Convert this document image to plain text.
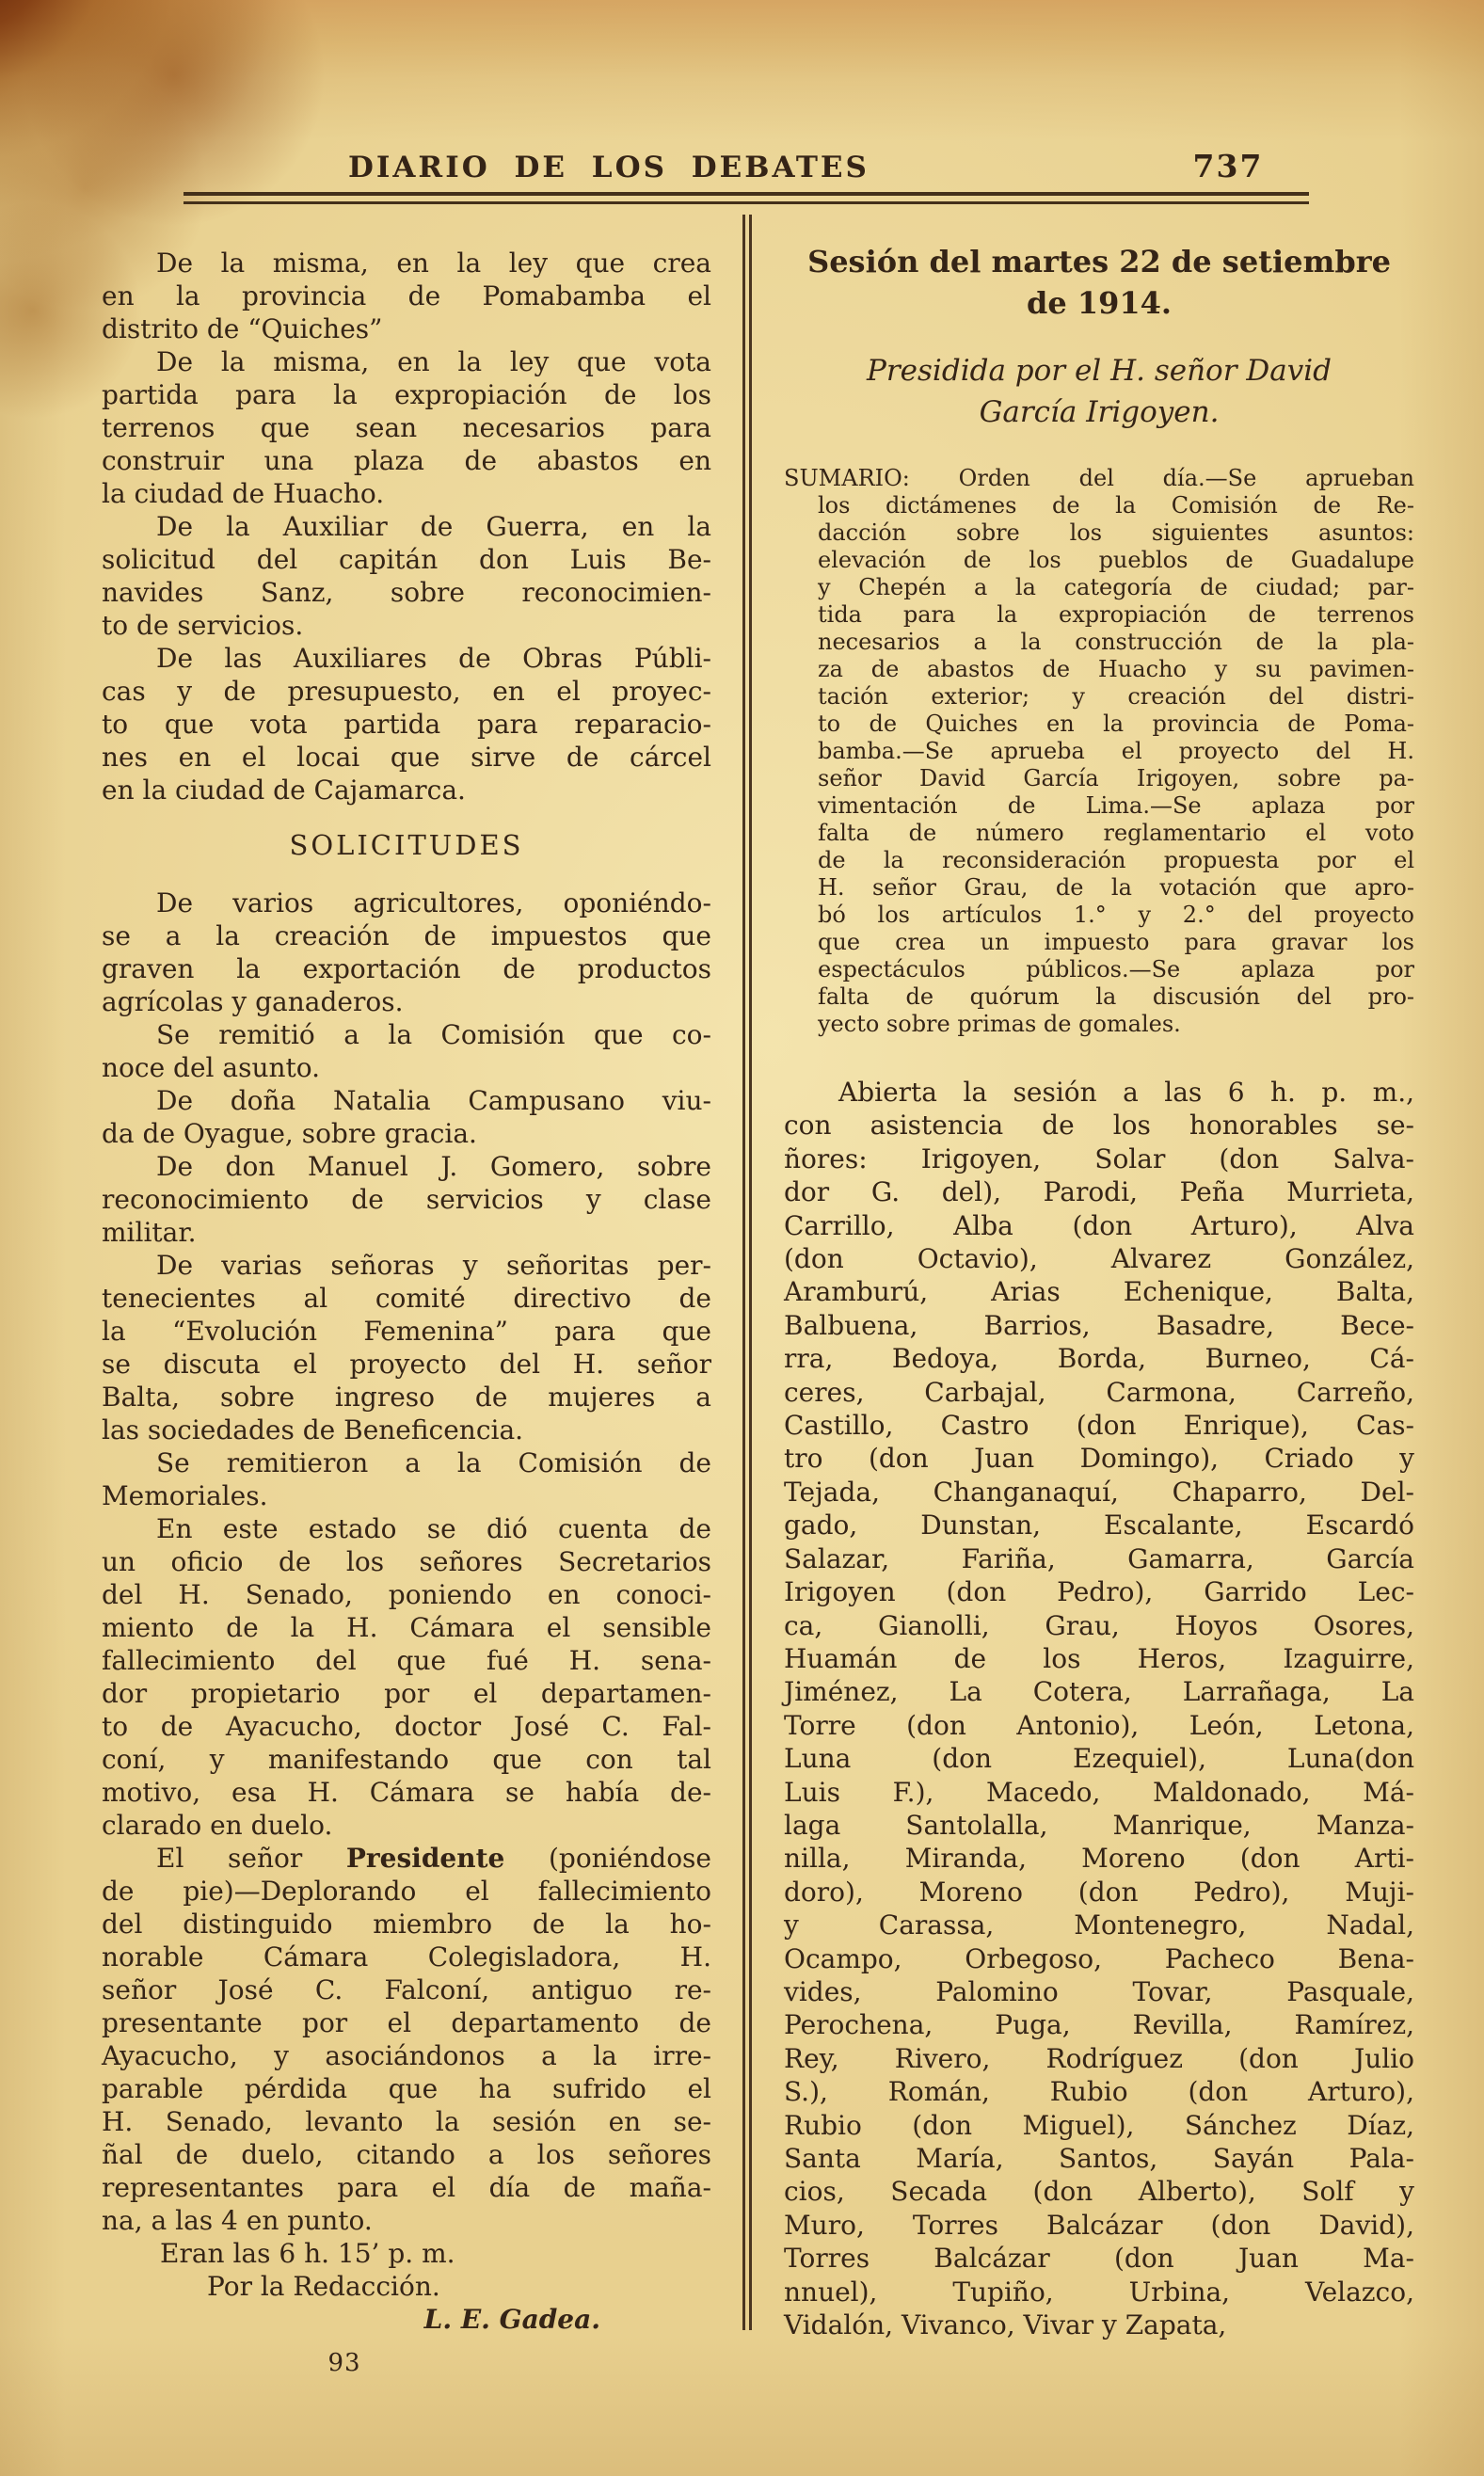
DIARIO DE LOS DEBATES	737
De la misma, en la ley que crea
en la provincia de Pomabamba el
distrito de “Quiches”
De la misma, en la ley que vota
partida para la expropiación de los
terrenos que sean necesarios para
construir una plaza de abastos en
la ciudad de Huacho.
De la Auxiliar de Guerra, en la
solicitud del capitán don Luis Be-
navides Sanz, sobre reconocimien-
to de servicios.
De las Auxiliares de Obras Públi-
cas y de presupuesto, en el proyec-
to que vota partida para reparacio-
nes en el locai que sirve de cárcel
en la ciudad de Cajamarca.
SOLICITUDES
De varios agricultores, oponiéndo-
se a la creación de impuestos que
graven la exportación de productos
agrícolas y ganaderos.
Se remitió a la Comisión que co-
noce del asunto.
De doña Natalia Campusano viu-
da de Oyague, sobre gracia.
De don Manuel J. Gomero, sobre
reconocimiento de servicios y clase
militar.
De varias señoras y señoritas per-
tenecientes al comité directivo de
la “Evolución Femenina” para que
se discuta el proyecto del H. señor
Balta, sobre ingreso de mujeres a
las sociedades de Beneficencia.
Se remitieron a la Comisión de
Memoriales.
En este estado se dió cuenta de
un oficio de los señores Secretarios
del H. Senado, poniendo en conoci-
miento de la H. Cámara el sensible
fallecimiento del que fué H. sena-
dor propietario por el departamen-
to de Ayacucho, doctor José C. Fal-
coní, y manifestando que con tal
motivo, esa H. Cámara se había de-
clarado en duelo.
El señor Presidente (poniéndose
de pie)—Deplorando el fallecimiento
del distinguido miembro de la ho-
norable Cámara Colegisladora, H.
señor José C. Falconí, antiguo re-
presentante por el departamento de
Ayacucho, y asociándonos a la irre-
parable pérdida que ha sufrido el
H. Senado, levanto la sesión en se-
ñal de duelo, citando a los señores
representantes para el día de maña-
na, a las 4 en punto.
Eran las 6 h. 15’ p. m.
Por la Redacción.
L. E. Gadea.
Sesión del martes 22 de setiembre
de 1914.
Presidida por el H. señor David
García Irigoyen.
SUMARIO: Orden del día.—Se aprueban
los dictámenes de la Comisión de Re-
dacción sobre los siguientes asuntos:
elevación de los pueblos de Guadalupe
y Chepén a la categoría de ciudad; par-
tida para la expropiación de terrenos
necesarios a la construcción de la pla-
za de abastos de Huacho y su pavimen-
tación exterior; y creación del distri-
to de Quiches en la provincia de Poma-
bamba.—Se aprueba el proyecto del H.
señor David García Irigoyen, sobre pa-
vimentación de Lima.—Se aplaza por
falta de número reglamentario el voto
de la reconsideración propuesta por el
H. señor Grau, de la votación que apro-
bó los artículos 1.° y 2.° del proyecto
que crea un impuesto para gravar los
espectáculos públicos.—Se aplaza por
falta de quórum la discusión del pro-
yecto sobre primas de gomales.
Abierta la sesión a las 6 h. p. m.,
con asistencia de los honorables se-
ñores: Irigoyen, Solar (don Salva-
dor G. del), Parodi, Peña Murrieta,
Carrillo, Alba (don Arturo), Alva
(don Octavio), Alvarez González,
Aramburú, Arias Echenique, Balta,
Balbuena, Barrios, Basadre, Bece-
rra, Bedoya, Borda, Burneo, Cá-
ceres, Carbajal, Carmona, Carreño,
Castillo, Castro (don Enrique), Cas-
tro (don Juan Domingo), Criado y
Tejada, Changanaquí, Chaparro, Del-
gado, Dunstan, Escalante, Escardó
Salazar, Fariña, Gamarra, García
Irigoyen (don Pedro), Garrido Lec-
ca, Gianolli, Grau, Hoyos Osores,
Huamán de los Heros, Izaguirre,
Jiménez, La Cotera, Larrañaga, La
Torre (don Antonio), León, Letona,
Luna (don Ezequiel), Luna(don
Luis F.), Macedo, Maldonado, Má-
laga Santolalla, Manrique, Manza-
nilla, Miranda, Moreno (don Arti-
doro), Moreno (don Pedro), Muji-
y Carassa, Montenegro, Nadal,
Ocampo, Orbegoso, Pacheco Bena-
vides, Palomino Tovar, Pasquale,
Perochena, Puga, Revilla, Ramírez,
Rey, Rivero, Rodríguez (don Julio
S.), Román, Rubio (don Arturo),
Rubio (don Miguel), Sánchez Díaz,
Santa María, Santos, Sayán Pala-
cios, Secada (don Alberto), Solf y
Muro, Torres Balcázar (don David),
Torres Balcázar (don Juan Ma-
nnuel), Tupiño, Urbina, Velazco,
Vidalón, Vivanco, Vivar y Zapata,
93
